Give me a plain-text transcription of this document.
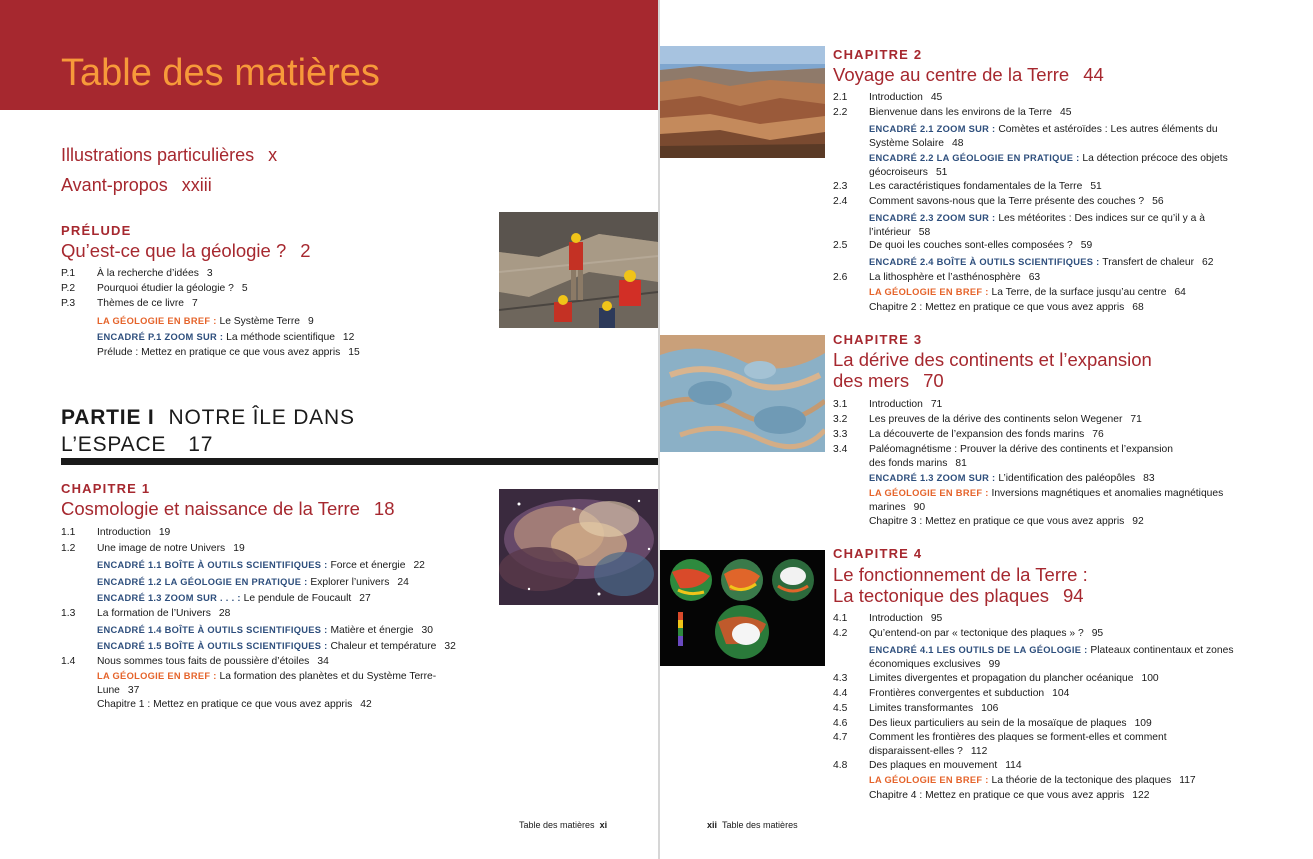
Table des matières
Illustrations particulières x
Avant-propos xxiii
PRÉLUDE
Qu’est-ce que la géologie ? 2
P.1 À la recherche d’idées 3
P.2 Pourquoi étudier la géologie ? 5
P.3 Thèmes de ce livre 7
LA GÉOLOGIE EN BREF : Le Système Terre 9
ENCADRÉ P.1 ZOOM SUR : La méthode scientifique 12
Prélude : Mettez en pratique ce que vous avez appris 15
PARTIE I NOTRE ÎLE DANS
L’ESPACE 17
CHAPITRE 1
Cosmologie et naissance de la Terre 18
1.1 Introduction 19
1.2 Une image de notre Univers 19
ENCADRÉ 1.1 BOÎTE À OUTILS SCIENTIFIQUES : Force et énergie 22
ENCADRÉ 1.2 LA GÉOLOGIE EN PRATIQUE : Explorer l’univers 24
ENCADRÉ 1.3 ZOOM SUR . . . : Le pendule de Foucault 27
1.3 La formation de l’Univers 28
ENCADRÉ 1.4 BOÎTE À OUTILS SCIENTIFIQUES : Matière et énergie 30
ENCADRÉ 1.5 BOÎTE À OUTILS SCIENTIFIQUES : Chaleur et température 32
1.4 Nous sommes tous faits de poussière d’étoiles 34
LA GÉOLOGIE EN BREF : La formation des planètes et du Système Terre-
Lune 37
Chapitre 1 : Mettez en pratique ce que vous avez appris 42
Table des matières xi
CHAPITRE 2
Voyage au centre de la Terre 44
2.1 Introduction 45
2.2 Bienvenue dans les environs de la Terre 45
ENCADRÉ 2.1 ZOOM SUR : Comètes et astéroïdes : Les autres éléments du
Système Solaire 48
ENCADRÉ 2.2 LA GÉOLOGIE EN PRATIQUE : La détection précoce des objets
géocroiseurs 51
2.3 Les caractéristiques fondamentales de la Terre 51
2.4 Comment savons-nous que la Terre présente des couches ? 56
ENCADRÉ 2.3 ZOOM SUR : Les météorites : Des indices sur ce qu’il y a à
l’intérieur 58
2.5 De quoi les couches sont-elles composées ? 59
ENCADRÉ 2.4 BOÎTE À OUTILS SCIENTIFIQUES : Transfert de chaleur 62
2.6 La lithosphère et l’asthénosphère 63
LA GÉOLOGIE EN BREF : La Terre, de la surface jusqu’au centre 64
Chapitre 2 : Mettez en pratique ce que vous avez appris 68
CHAPITRE 3
La dérive des continents et l’expansion
des mers 70
3.1 Introduction 71
3.2 Les preuves de la dérive des continents selon Wegener 71
3.3 La découverte de l’expansion des fonds marins 76
3.4 Paléomagnétisme : Prouver la dérive des continents et l’expansion
des fonds marins 81
ENCADRÉ 1.3 ZOOM SUR : L’identification des paléopôles 83
LA GÉOLOGIE EN BREF : Inversions magnétiques et anomalies magnétiques
marines 90
Chapitre 3 : Mettez en pratique ce que vous avez appris 92
CHAPITRE 4
Le fonctionnement de la Terre :
La tectonique des plaques 94
4.1 Introduction 95
4.2 Qu’entend-on par « tectonique des plaques » ? 95
ENCADRÉ 4.1 LES OUTILS DE LA GÉOLOGIE : Plateaux continentaux et zones
économiques exclusives 99
4.3 Limites divergentes et propagation du plancher océanique 100
4.4 Frontières convergentes et subduction 104
4.5 Limites transformantes 106
4.6 Des lieux particuliers au sein de la mosaïque de plaques 109
4.7 Comment les frontières des plaques se forment-elles et comment
disparaissent-elles ? 112
4.8 Des plaques en mouvement 114
LA GÉOLOGIE EN BREF : La théorie de la tectonique des plaques 117
Chapitre 4 : Mettez en pratique ce que vous avez appris 122
xii Table des matières
